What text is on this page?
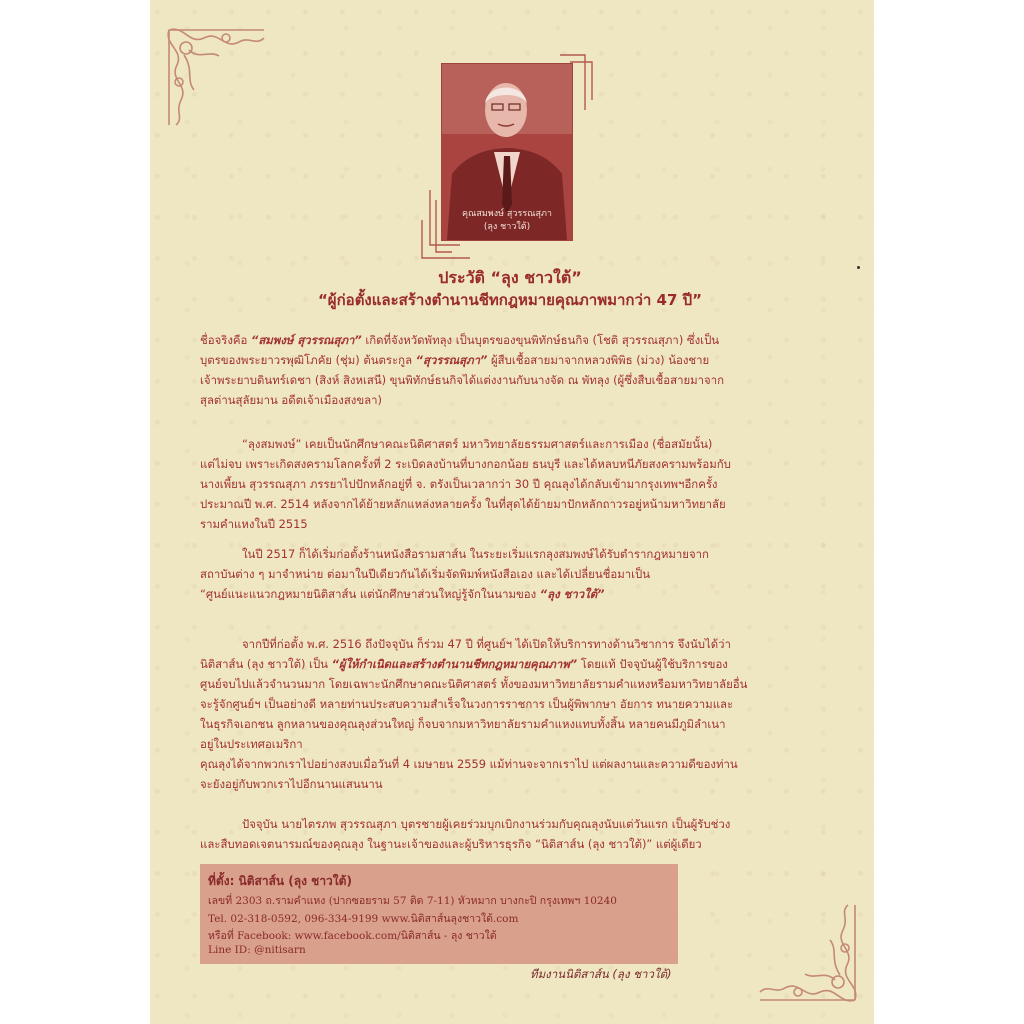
คุณสมพงษ์ สุวรรณสุภา
(ลุง ชาวใต้)
ประวัติ “ลุง ชาวใต้”
“ผู้ก่อตั้งและสร้างตำนานชีทกฎหมายคุณภาพมากว่า 47 ปี”
ชื่อจริงคือ “สมพงษ์ สุวรรณสุภา” เกิดที่จังหวัดพัทลุง เป็นบุตรของขุนพิทักษ์ธนกิจ (โชติ สุวรรณสุภา) ซึ่งเป็น
บุตรของพระยาวรพุฒิโภคัย (ชุ่ม) ต้นตระกูล “สุวรรณสุภา” ผู้สืบเชื้อสายมาจากหลวงพิพิธ (ม่วง) น้องชาย
เจ้าพระยาบดินทร์เดชา (สิงห์ สิงหเสนี) ขุนพิทักษ์ธนกิจได้แต่งงานกับนางจัด ณ พัทลุง (ผู้ซึ่งสืบเชื้อสายมาจาก
สุลต่านสุลัยมาน อดีตเจ้าเมืองสงขลา)
“ลุงสมพงษ์” เคยเป็นนักศึกษาคณะนิติศาสตร์ มหาวิทยาลัยธรรมศาสตร์และการเมือง (ชื่อสมัยนั้น)
แต่ไม่จบ เพราะเกิดสงครามโลกครั้งที่ 2 ระเบิดลงบ้านที่บางกอกน้อย ธนบุรี และได้หลบหนีภัยสงครามพร้อมกับ
นางเพี้ยน สุวรรณสุภา ภรรยาไปปักหลักอยู่ที่ จ. ตรังเป็นเวลากว่า 30 ปี คุณลุงได้กลับเข้ามากรุงเทพฯอีกครั้ง
ประมาณปี พ.ศ. 2514 หลังจากได้ย้ายหลักแหล่งหลายครั้ง ในที่สุดได้ย้ายมาปักหลักถาวรอยู่หน้ามหาวิทยาลัย
รามคำแหงในปี 2515
ในปี 2517 ก็ได้เริ่มก่อตั้งร้านหนังสือรามสาส์น ในระยะเริ่มแรกลุงสมพงษ์ได้รับตำรากฎหมายจาก
สถาบันต่าง ๆ มาจำหน่าย ต่อมาในปีเดียวกันได้เริ่มจัดพิมพ์หนังสือเอง และได้เปลี่ยนชื่อมาเป็น
“ศูนย์แนะแนวกฎหมายนิติสาส์น แต่นักศึกษาส่วนใหญ่รู้จักในนามของ “ลุง ชาวใต้”
จากปีที่ก่อตั้ง พ.ศ. 2516 ถึงปัจจุบัน ก็ร่วม 47 ปี ที่ศูนย์ฯ ได้เปิดให้บริการทางด้านวิชาการ จึงนับได้ว่า
นิติสาส์น (ลุง ชาวใต้) เป็น “ผู้ให้กำเนิดและสร้างตำนานชีทกฎหมายคุณภาพ” โดยแท้ ปัจจุบันผู้ใช้บริการของ
ศูนย์จบไปแล้วจำนวนมาก โดยเฉพาะนักศึกษาคณะนิติศาสตร์ ทั้งของมหาวิทยาลัยรามคำแหงหรือมหาวิทยาลัยอื่น
จะรู้จักศูนย์ฯ เป็นอย่างดี หลายท่านประสบความสำเร็จในวงการราชการ เป็นผู้พิพากษา อัยการ ทนายความและ
ในธุรกิจเอกชน ลูกหลานของคุณลุงส่วนใหญ่ ก็จบจากมหาวิทยาลัยรามคำแหงแทบทั้งสิ้น หลายคนมีภูมิลำเนา
อยู่ในประเทศอเมริกา
คุณลุงได้จากพวกเราไปอย่างสงบเมื่อวันที่ 4 เมษายน 2559 แม้ท่านจะจากเราไป แต่ผลงานและความดีของท่าน
จะยังอยู่กับพวกเราไปอีกนานแสนนาน
ปัจจุบัน นายไตรภพ สุวรรณสุภา บุตรชายผู้เคยร่วมบุกเบิกงานร่วมกับคุณลุงนับแต่วันแรก เป็นผู้รับช่วง
และสืบทอดเจตนารมณ์ของคุณลุง ในฐานะเจ้าของและผู้บริหารธุรกิจ “นิติสาส์น (ลุง ชาวใต้)” แต่ผู้เดียว
ที่ตั้ง: นิติสาส์น (ลุง ชาวใต้)
เลขที่ 2303 ถ.รามคำแหง (ปากซอยราม 57 ติด 7-11) หัวหมาก บางกะปิ กรุงเทพฯ 10240
Tel. 02-318-0592, 096-334-9199 www.นิติสาส์นลุงชาวใต้.com
หรือที่ Facebook: www.facebook.com/นิติสาส์น - ลุง ชาวใต้
Line ID: @nitisarn
ทีมงานนิติสาส์น (ลุง ชาวใต้)
